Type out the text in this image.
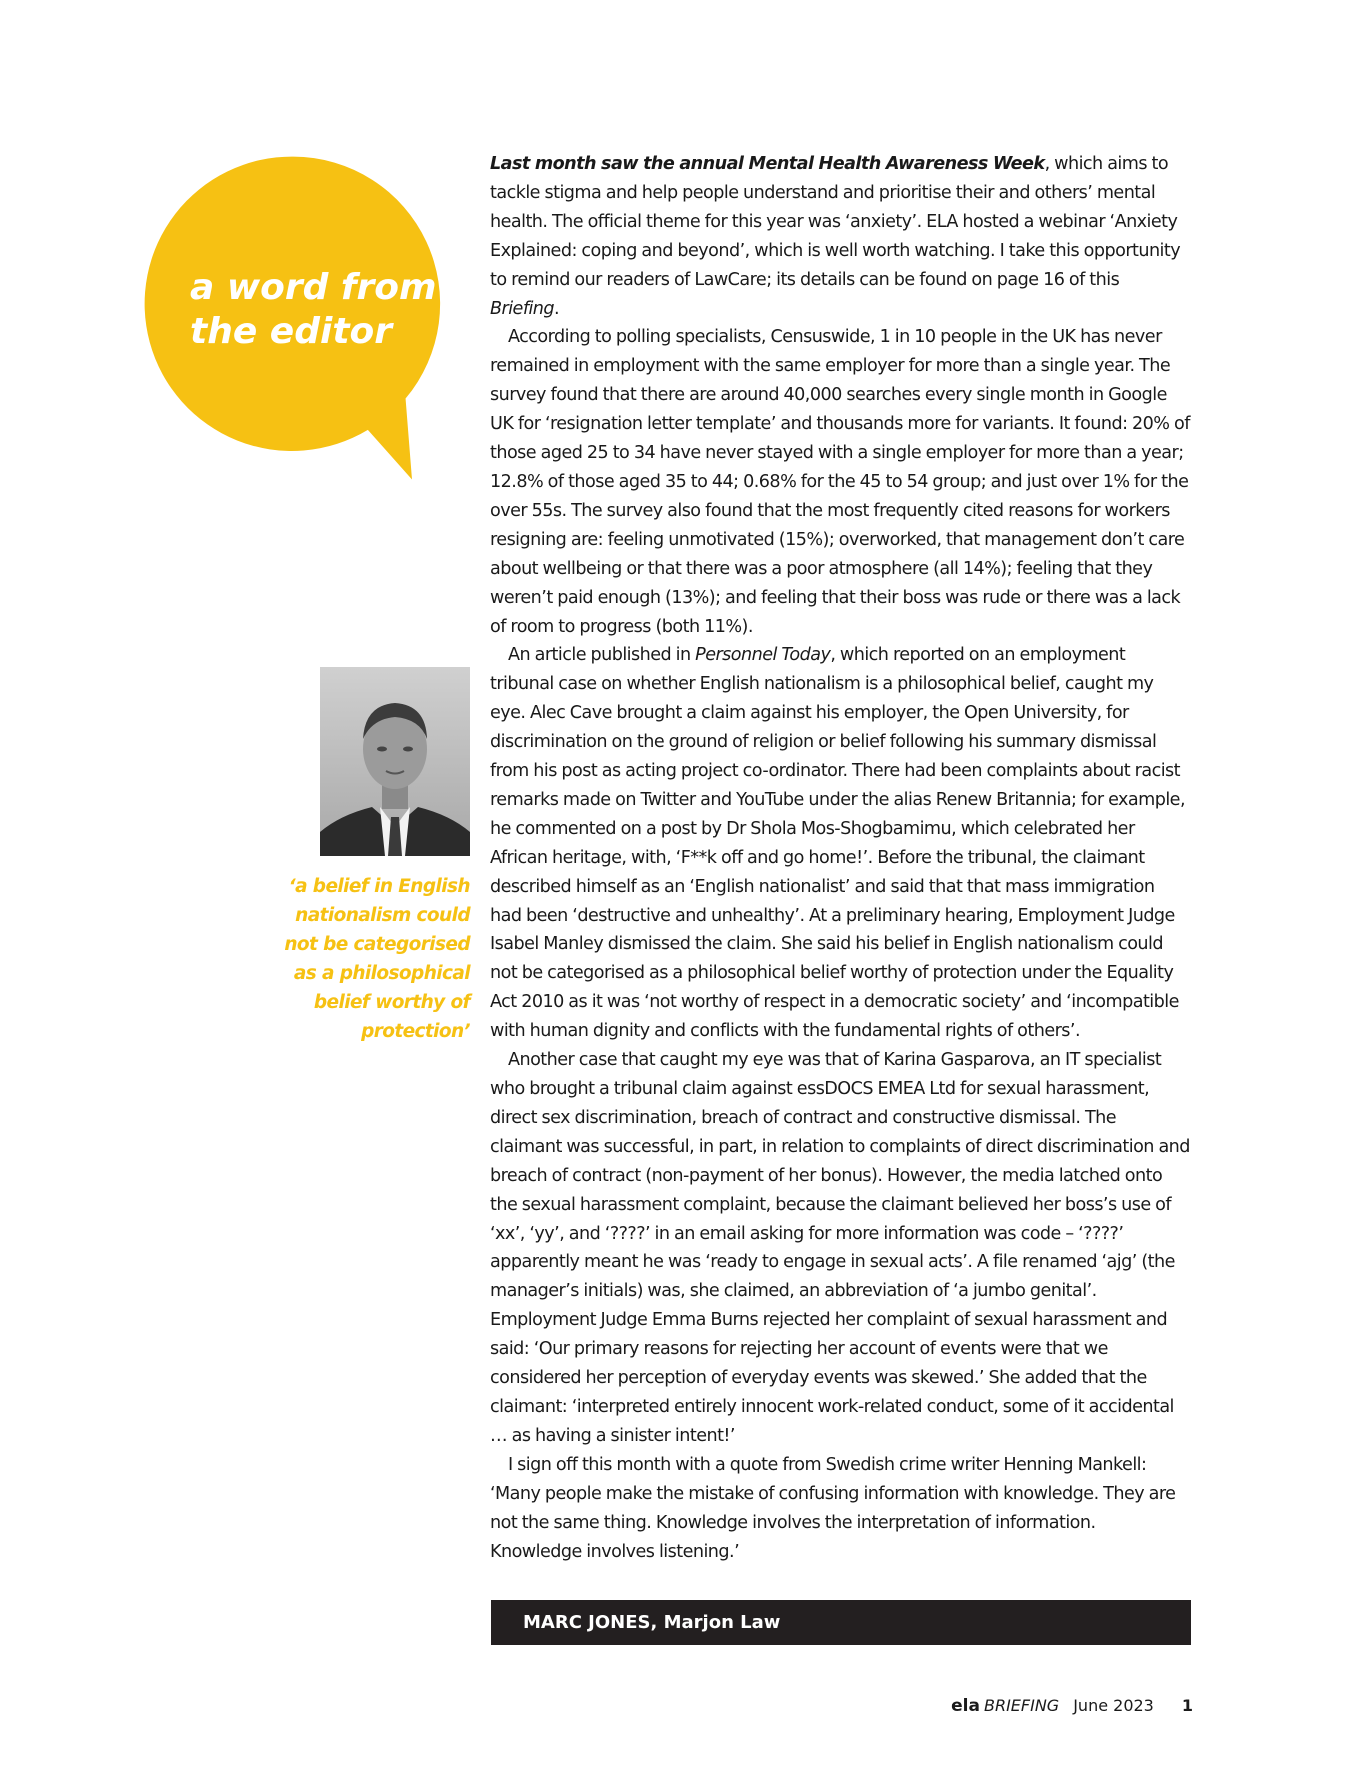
a word from
the editor
‘a belief in English nationalism could not be categorised as a philosophical belief worthy of protection’

Last month saw the annual Mental Health Awareness Week, which aims to tackle stigma and help people understand and prioritise their and others’ mental health. The official theme for this year was ‘anxiety’. ELA hosted a webinar ‘Anxiety Explained: coping and beyond’, which is well worth watching. I take this opportunity to remind our readers of LawCare; its details can be found on page 16 of this Briefing.

According to polling specialists, Censuswide, 1 in 10 people in the UK has never remained in employment with the same employer for more than a single year. The survey found that there are around 40,000 searches every single month in Google UK for ‘resignation letter template’ and thousands more for variants. It found: 20% of those aged 25 to 34 have never stayed with a single employer for more than a year; 12.8% of those aged 35 to 44; 0.68% for the 45 to 54 group; and just over 1% for the over 55s. The survey also found that the most frequently cited reasons for workers resigning are: feeling unmotivated (15%); overworked, that management don’t care about wellbeing or that there was a poor atmosphere (all 14%); feeling that they weren’t paid enough (13%); and feeling that their boss was rude or there was a lack of room to progress (both 11%).

An article published in Personnel Today, which reported on an employment tribunal case on whether English nationalism is a philosophical belief, caught my eye. Alec Cave brought a claim against his employer, the Open University, for discrimination on the ground of religion or belief following his summary dismissal from his post as acting project co-ordinator. There had been complaints about racist remarks made on Twitter and YouTube under the alias Renew Britannia; for example, he commented on a post by Dr Shola Mos-Shogbamimu, which celebrated her African heritage, with, ‘F**k off and go home!’. Before the tribunal, the claimant described himself as an ‘English nationalist’ and said that that mass immigration had been ‘destructive and unhealthy’. At a preliminary hearing, Employment Judge Isabel Manley dismissed the claim. She said his belief in English nationalism could not be categorised as a philosophical belief worthy of protection under the Equality Act 2010 as it was ‘not worthy of respect in a democratic society’ and ‘incompatible with human dignity and conflicts with the fundamental rights of others’.

Another case that caught my eye was that of Karina Gasparova, an IT specialist who brought a tribunal claim against essDOCS EMEA Ltd for sexual harassment, direct sex discrimination, breach of contract and constructive dismissal. The claimant was successful, in part, in relation to complaints of direct discrimination and breach of contract (non-payment of her bonus). However, the media latched onto the sexual harassment complaint, because the claimant believed her boss’s use of ‘xx’, ‘yy’, and ‘????’ in an email asking for more information was code – ‘????’ apparently meant he was ‘ready to engage in sexual acts’. A file renamed ‘ajg’ (the manager’s initials) was, she claimed, an abbreviation of ‘a jumbo genital’. Employment Judge Emma Burns rejected her complaint of sexual harassment and said: ‘Our primary reasons for rejecting her account of events were that we considered her perception of everyday events was skewed.’ She added that the claimant: ‘interpreted entirely innocent work-related conduct, some of it accidental … as having a sinister intent!’

I sign off this month with a quote from Swedish crime writer Henning Mankell: ‘Many people make the mistake of confusing information with knowledge. They are not the same thing. Knowledge involves the interpretation of information. Knowledge involves listening.’

MARC JONES, Marjon Law
ela BRIEFING June 2023 1
